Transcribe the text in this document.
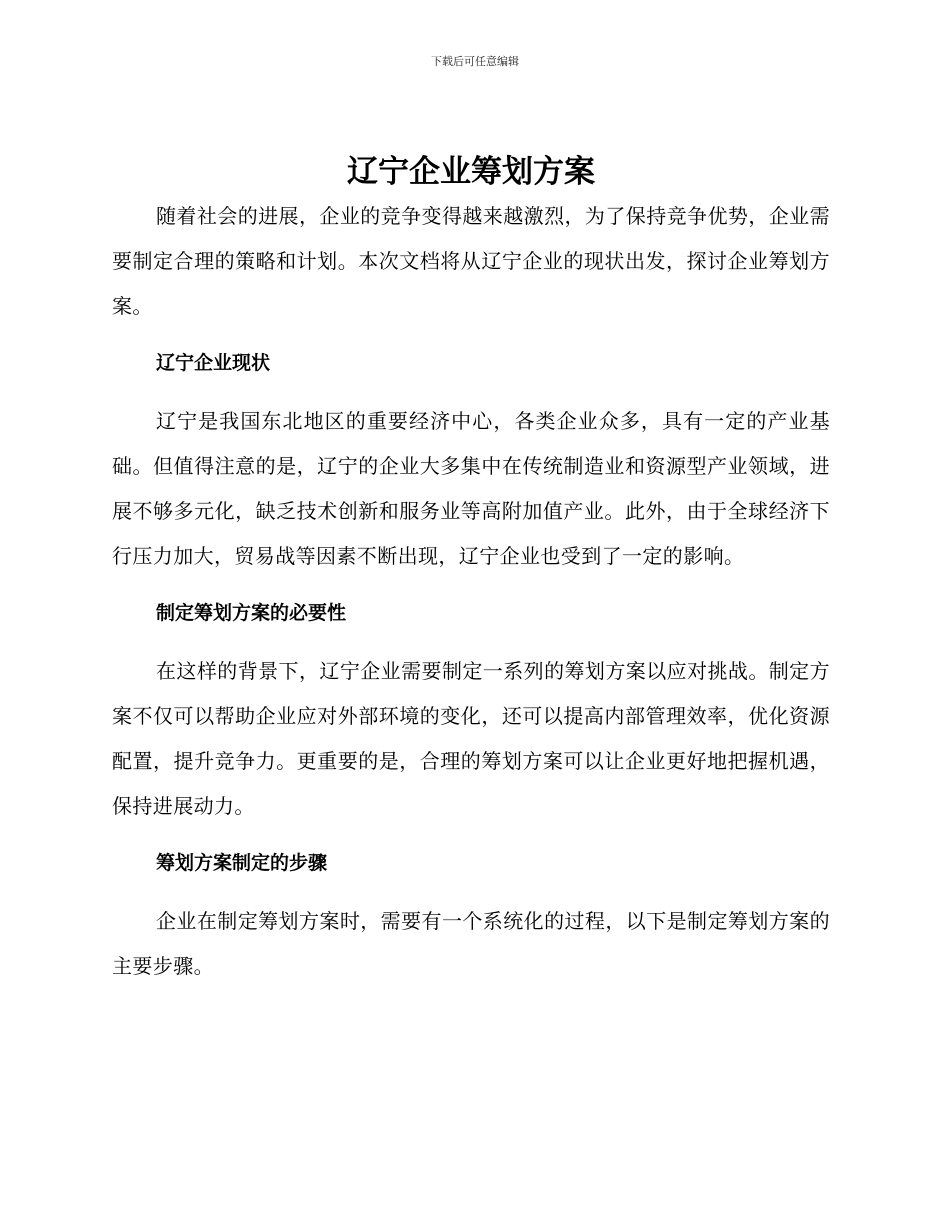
下载后可任意编辑
辽宁企业筹划方案

随着社会的进展，企业的竞争变得越来越激烈，为了保持竞争优势，企业需要制定合理的策略和计划。本次文档将从辽宁企业的现状出发，探讨企业筹划方案。

辽宁企业现状

辽宁是我国东北地区的重要经济中心，各类企业众多，具有一定的产业基础。但值得注意的是，辽宁的企业大多集中在传统制造业和资源型产业领域，进展不够多元化，缺乏技术创新和服务业等高附加值产业。此外，由于全球经济下行压力加大，贸易战等因素不断出现，辽宁企业也受到了一定的影响。

制定筹划方案的必要性

在这样的背景下，辽宁企业需要制定一系列的筹划方案以应对挑战。制定方案不仅可以帮助企业应对外部环境的变化，还可以提高内部管理效率，优化资源配置，提升竞争力。更重要的是，合理的筹划方案可以让企业更好地把握机遇，保持进展动力。

筹划方案制定的步骤

企业在制定筹划方案时，需要有一个系统化的过程，以下是制定筹划方案的主要步骤。
